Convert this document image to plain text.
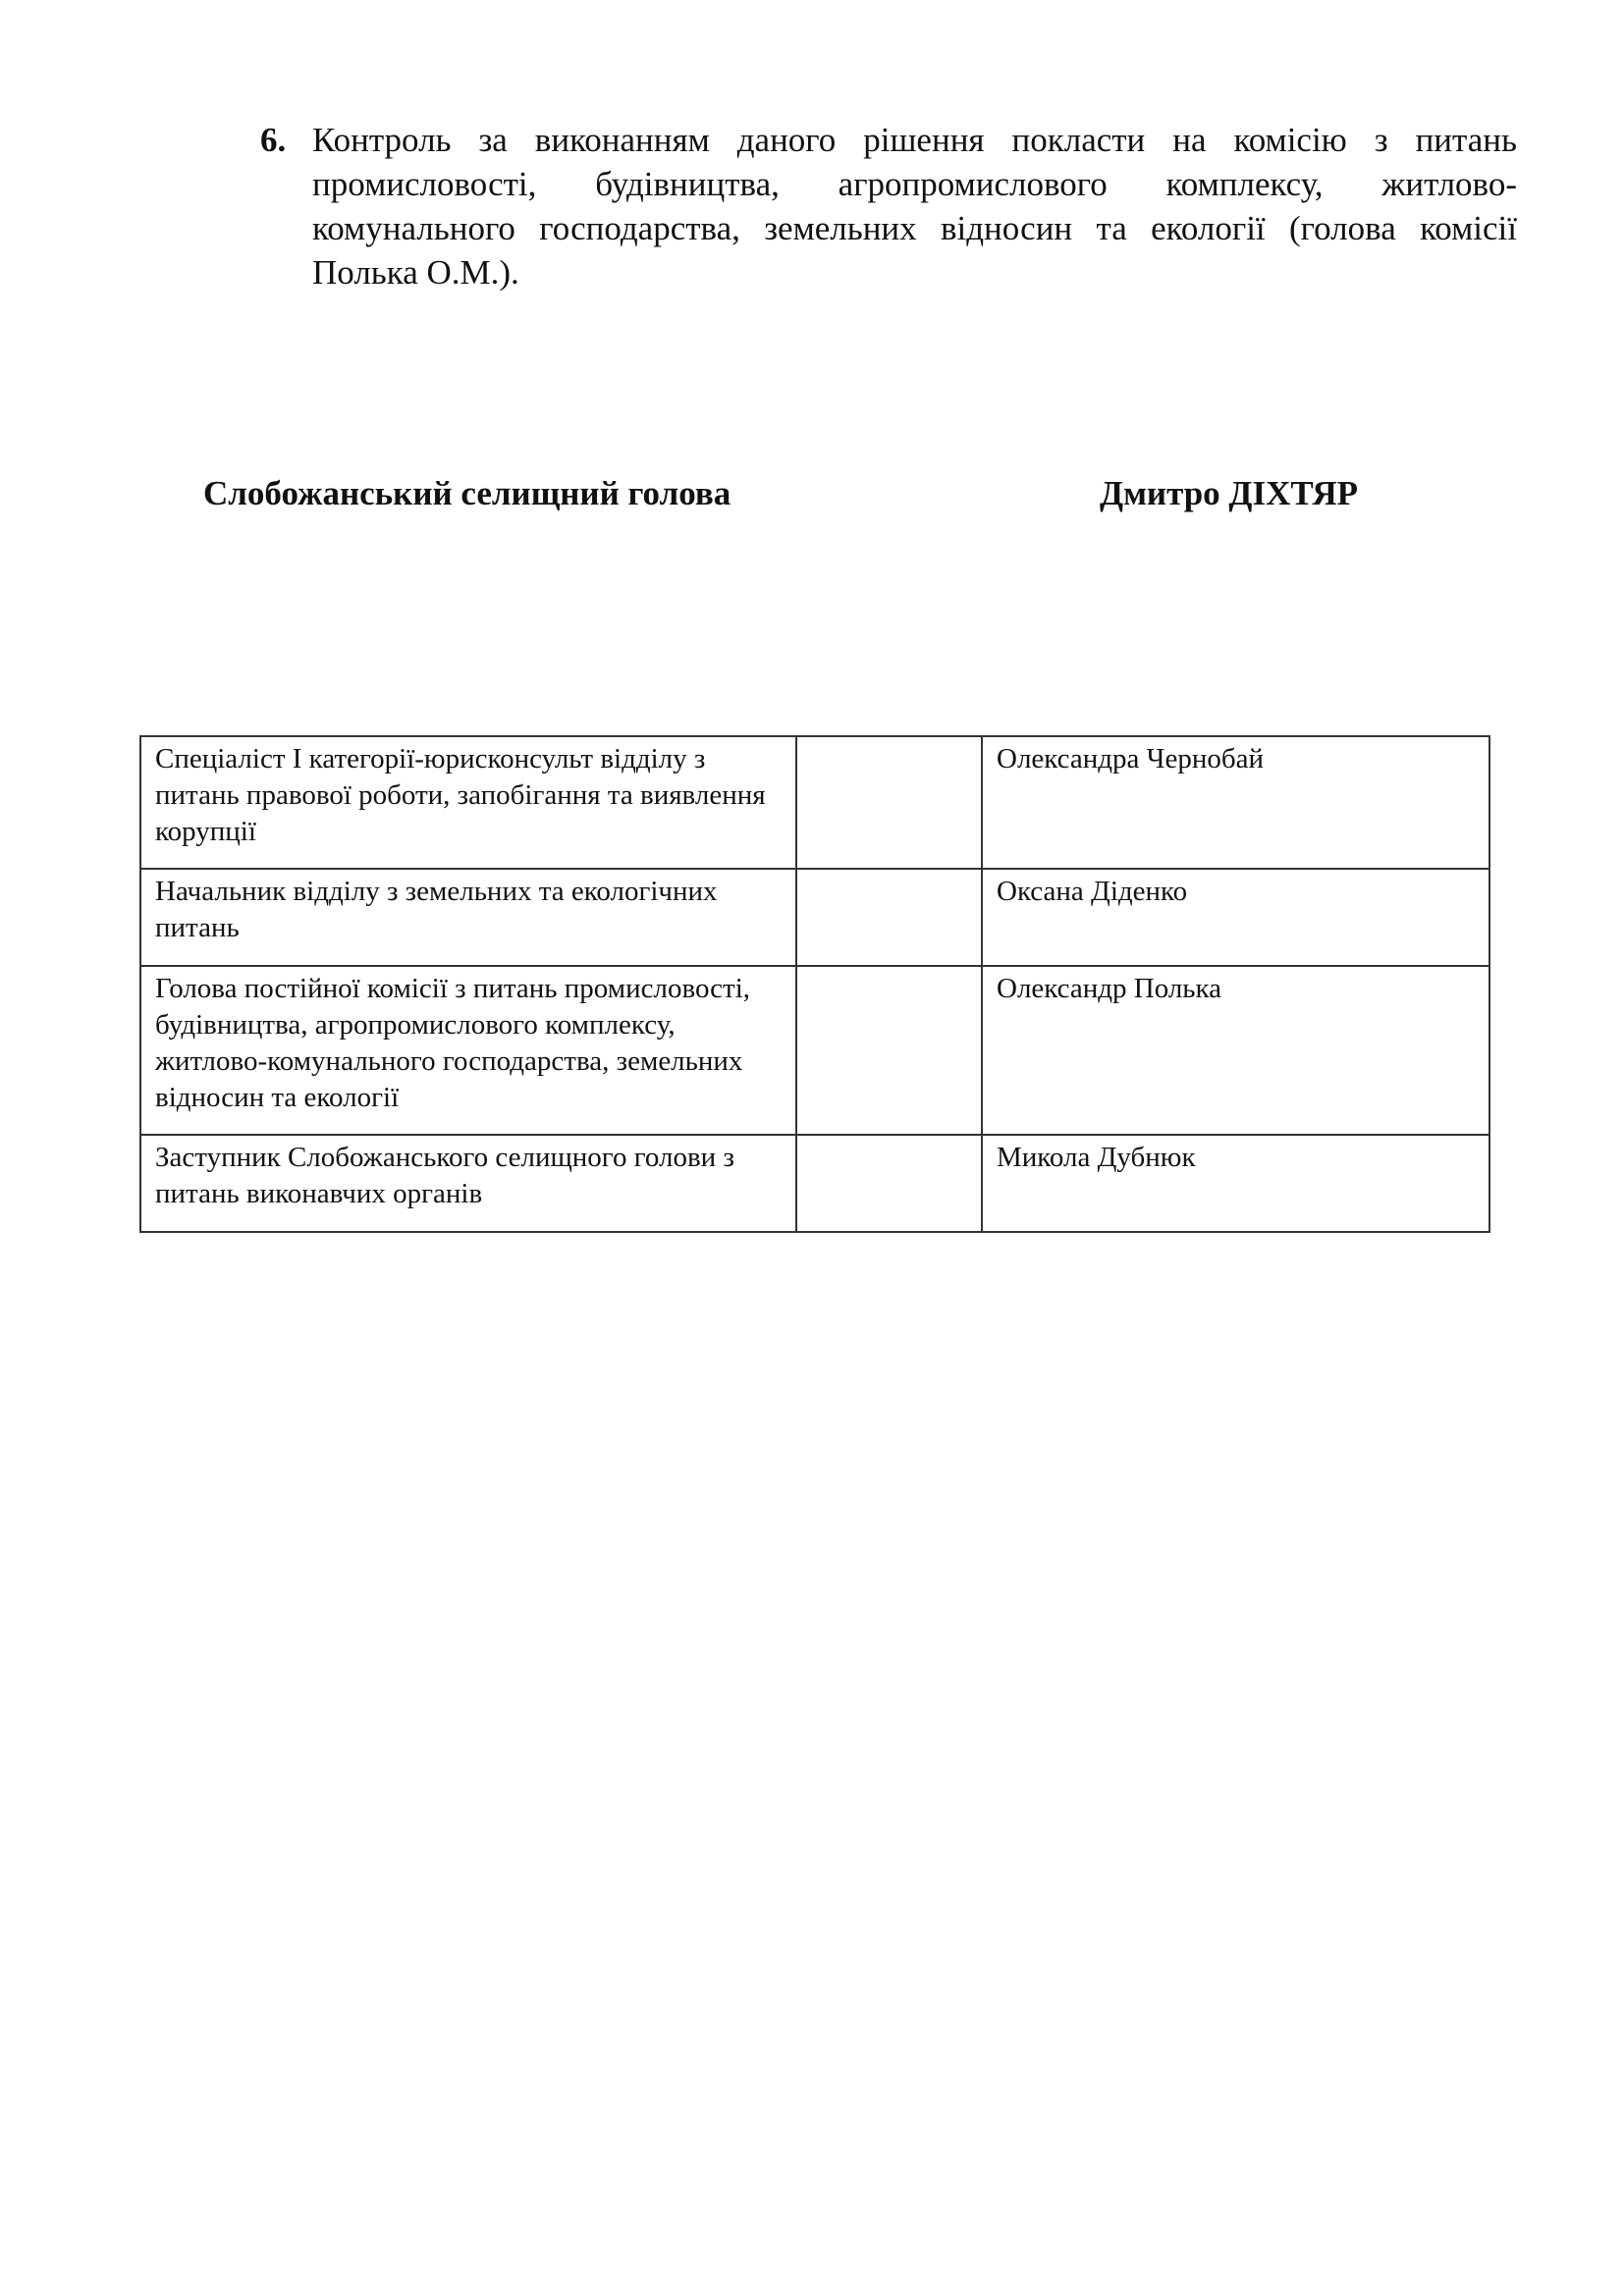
6. Контроль за виконанням даного рішення покласти на комісію з питань промисловості, будівництва, агропромислового комплексу, житлово-комунального господарства, земельних відносин та екології (голова комісії Полька О.М.).
Слобожанський селищний голова	Дмитро ДІХТЯР
Спеціаліст I категорії-юрисконсульт відділу з питань правової роботи, запобігання та виявлення корупції		Олександра Чернобай
Начальник відділу з земельних та екологічних питань		Оксана Діденко
Голова постійної комісії з питань промисловості, будівництва, агропромислового комплексу, житлово-комунального господарства, земельних відносин та екології		Олександр Полька
Заступник Слобожанського селищного голови з питань виконавчих органів		Микола Дубнюк
